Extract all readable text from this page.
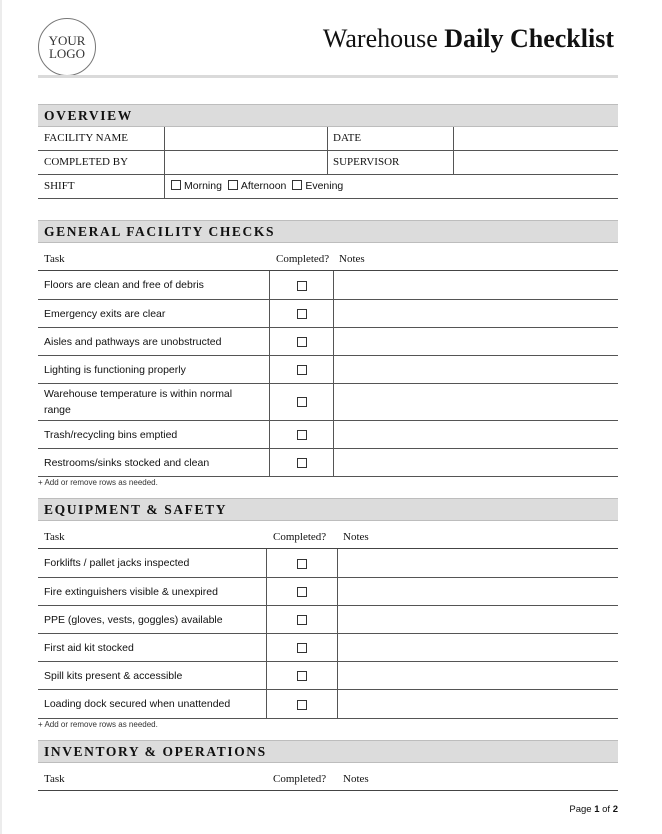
YOUR
LOGO
Warehouse Daily Checklist
OVERVIEW
FACILITY NAME	DATE
COMPLETED BY	SUPERVISOR
SHIFT	Morning Afternoon Evening
GENERAL FACILITY CHECKS
Task	Completed? Notes
Floors are clean and free of debris
Emergency exits are clear
Aisles and pathways are unobstructed
Lighting is functioning properly
Warehouse temperature is within normal range
Trash/recycling bins emptied
Restrooms/sinks stocked and clean
+ Add or remove rows as needed.
EQUIPMENT & SAFETY
Task	Completed? Notes
Forklifts / pallet jacks inspected
Fire extinguishers visible & unexpired
PPE (gloves, vests, goggles) available
First aid kit stocked
Spill kits present & accessible
Loading dock secured when unattended
+ Add or remove rows as needed.
INVENTORY & OPERATIONS
Task	Completed? Notes
Page 1 of 2
